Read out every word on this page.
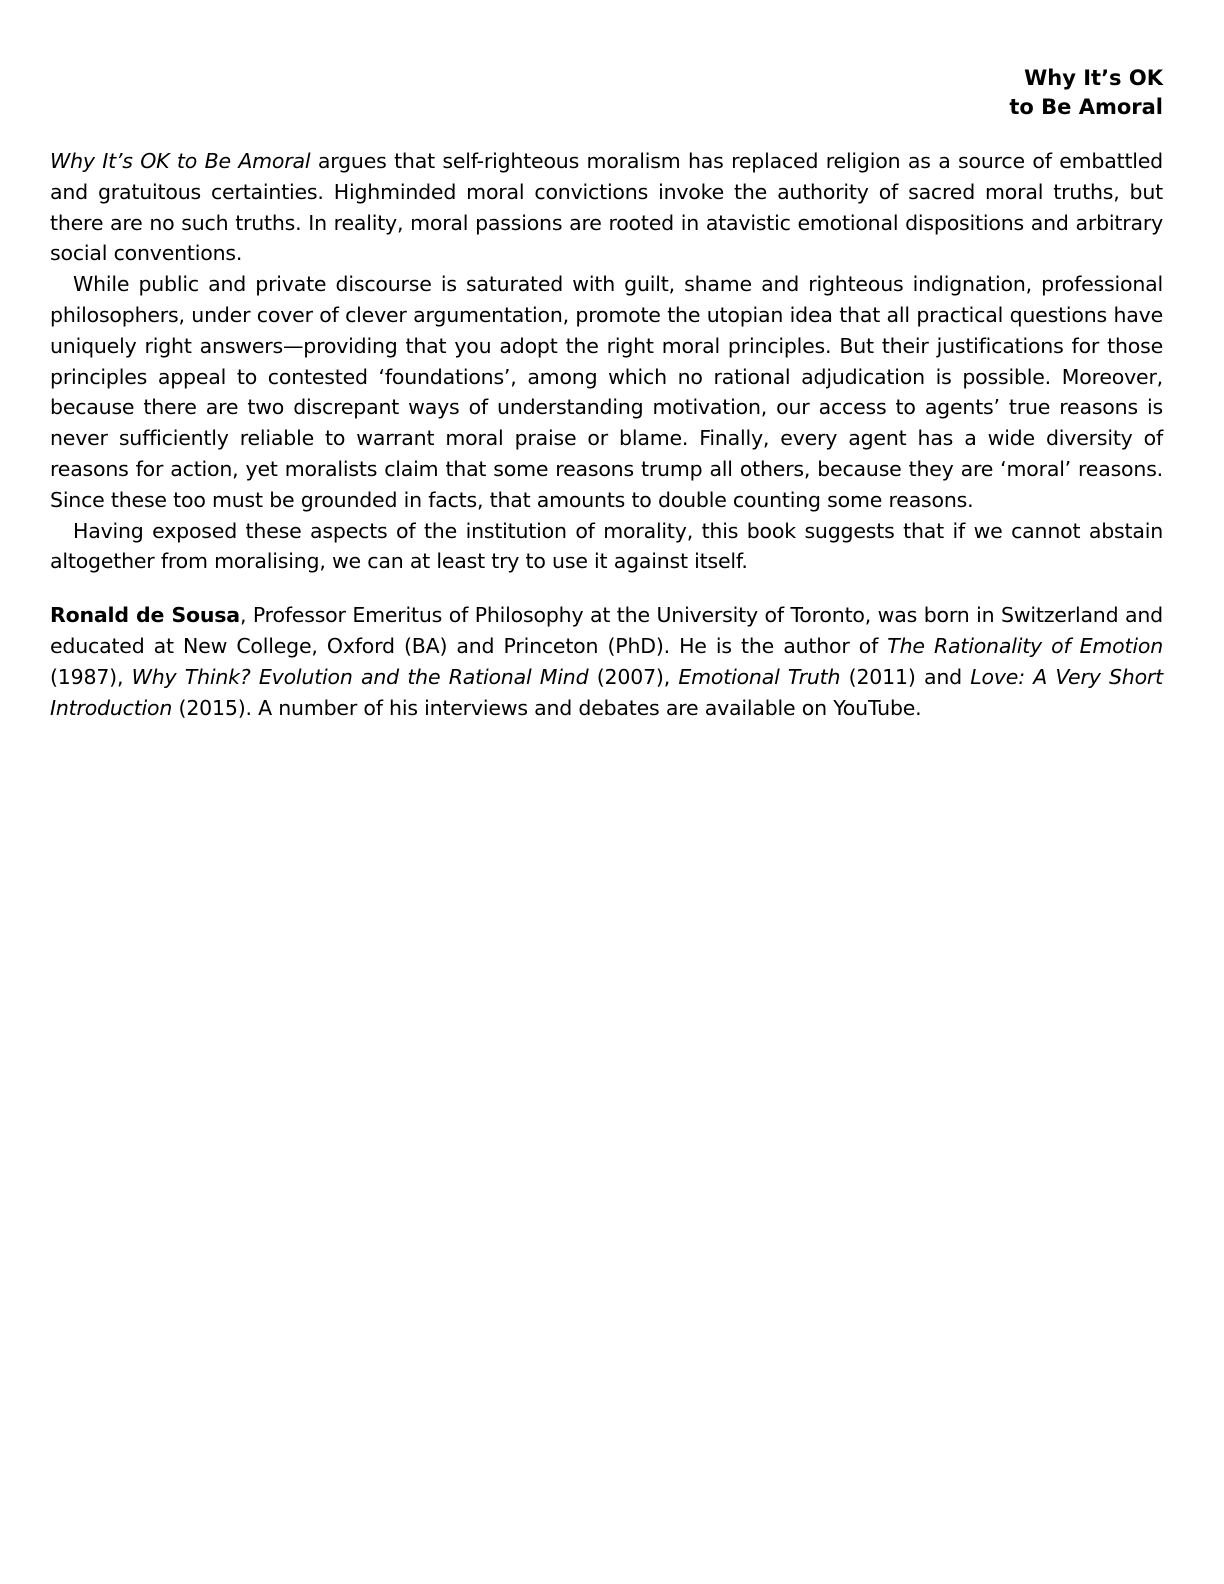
Why It’s OK
to Be Amoral

Why It’s OK to Be Amoral argues that self-righteous moralism has replaced religion as a source of embattled and gratuitous certainties. Highminded moral convictions invoke the authority of sacred moral truths, but there are no such truths. In reality, moral passions are rooted in atavistic emotional dispositions and arbitrary social conventions.

While public and private discourse is saturated with guilt, shame and righteous indignation, professional philosophers, under cover of clever argumentation, promote the utopian idea that all practical questions have uniquely right answers—providing that you adopt the right moral principles. But their justifications for those principles appeal to contested ‘foundations’, among which no rational adjudication is possible. Moreover, because there are two discrepant ways of understanding motivation, our access to agents’ true reasons is never sufficiently reliable to warrant moral praise or blame. Finally, every agent has a wide diversity of reasons for action, yet moralists claim that some reasons trump all others, because they are ‘moral’ reasons. Since these too must be grounded in facts, that amounts to double counting some reasons.

Having exposed these aspects of the institution of morality, this book suggests that if we cannot abstain altogether from moralising, we can at least try to use it against itself.

Ronald de Sousa, Professor Emeritus of Philosophy at the University of Toronto, was born in Switzerland and educated at New College, Oxford (BA) and Princeton (PhD). He is the author of The Rationality of Emotion (1987), Why Think? Evolution and the Rational Mind (2007), Emotional Truth (2011) and Love: A Very Short Introduction (2015). A number of his interviews and debates are available on YouTube.
